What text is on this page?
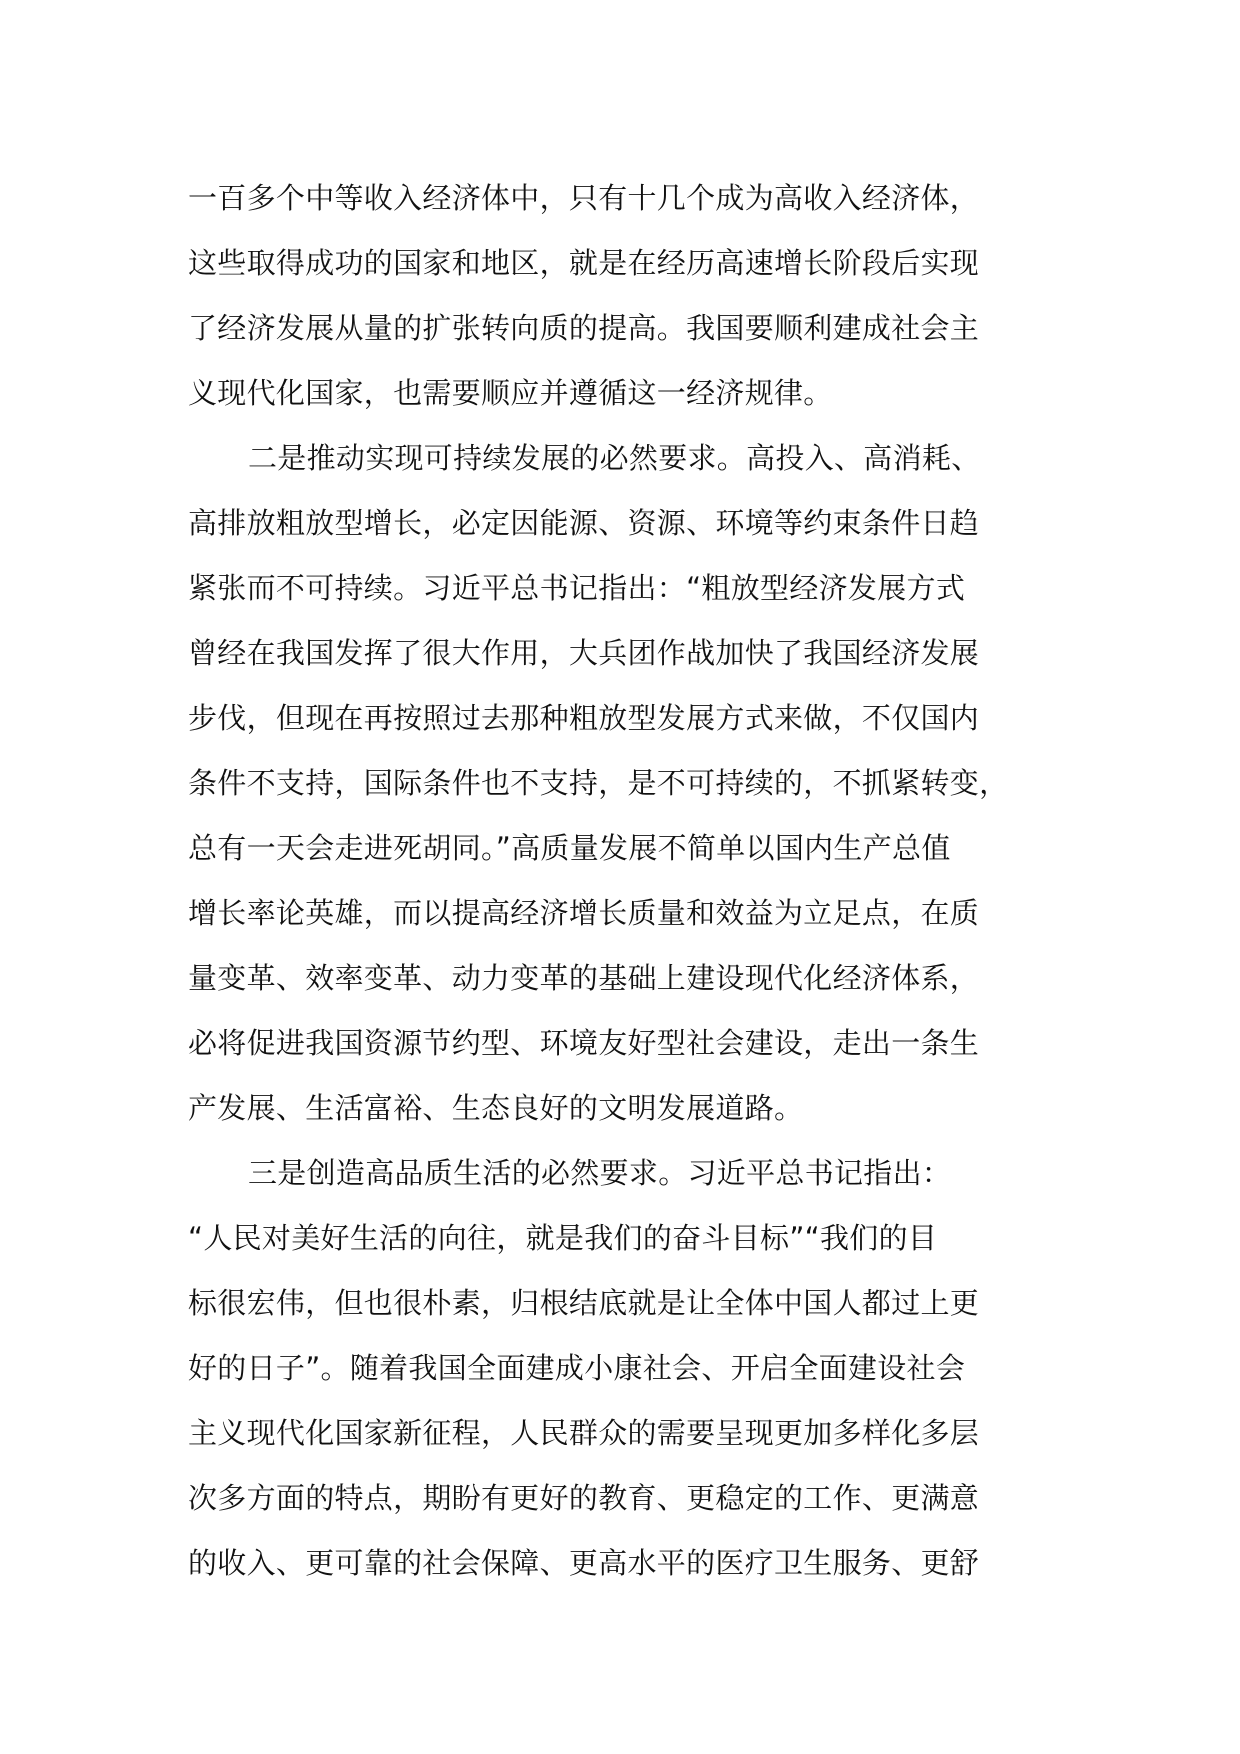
一百多个中等收入经济体中，只有十几个成为高收入经济体，
这些取得成功的国家和地区，就是在经历高速增长阶段后实现
了经济发展从量的扩张转向质的提高。我国要顺利建成社会主
义现代化国家，也需要顺应并遵循这一经济规律。
二是推动实现可持续发展的必然要求。高投入、高消耗、
高排放粗放型增长，必定因能源、资源、环境等约束条件日趋
紧张而不可持续。习近平总书记指出：“粗放型经济发展方式
曾经在我国发挥了很大作用，大兵团作战加快了我国经济发展
步伐，但现在再按照过去那种粗放型发展方式来做，不仅国内
条件不支持，国际条件也不支持，是不可持续的，不抓紧转变，
总有一天会走进死胡同。”高质量发展不简单以国内生产总值
增长率论英雄，而以提高经济增长质量和效益为立足点，在质
量变革、效率变革、动力变革的基础上建设现代化经济体系，
必将促进我国资源节约型、环境友好型社会建设，走出一条生
产发展、生活富裕、生态良好的文明发展道路。
三是创造高品质生活的必然要求。习近平总书记指出：
“人民对美好生活的向往，就是我们的奋斗目标”“我们的目
标很宏伟，但也很朴素，归根结底就是让全体中国人都过上更
好的日子”。随着我国全面建成小康社会、开启全面建设社会
主义现代化国家新征程，人民群众的需要呈现更加多样化多层
次多方面的特点，期盼有更好的教育、更稳定的工作、更满意
的收入、更可靠的社会保障、更高水平的医疗卫生服务、更舒
